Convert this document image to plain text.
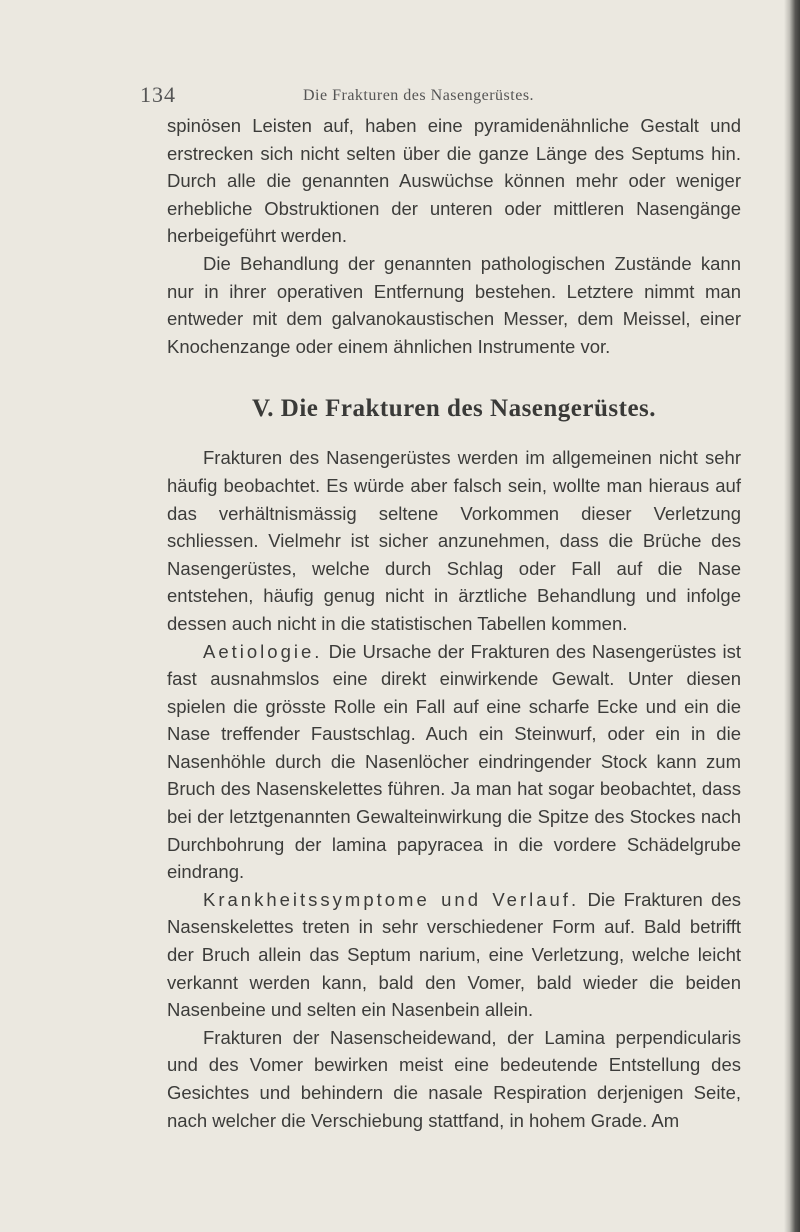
134	Die Frakturen des Nasengerüstes.

spinösen Leisten auf, haben eine pyramidenähnliche Gestalt und erstrecken sich nicht selten über die ganze Länge des Septums hin. Durch alle die genannten Auswüchse können mehr oder weniger erhebliche Obstruktionen der unteren oder mittleren Nasengänge herbeigeführt werden.

Die Behandlung der genannten pathologischen Zustände kann nur in ihrer operativen Entfernung bestehen. Letztere nimmt man entweder mit dem galvanokaustischen Messer, dem Meissel, einer Knochenzange oder einem ähnlichen Instrumente vor.

V. Die Frakturen des Nasengerüstes.

Frakturen des Nasengerüstes werden im allgemeinen nicht sehr häufig beobachtet. Es würde aber falsch sein, wollte man hieraus auf das verhältnismässig seltene Vorkommen dieser Verletzung schliessen. Vielmehr ist sicher anzunehmen, dass die Brüche des Nasengerüstes, welche durch Schlag oder Fall auf die Nase entstehen, häufig genug nicht in ärztliche Behandlung und infolge dessen auch nicht in die statistischen Tabellen kommen.

Aetiologie. Die Ursache der Frakturen des Nasengerüstes ist fast ausnahmslos eine direkt einwirkende Gewalt. Unter diesen spielen die grösste Rolle ein Fall auf eine scharfe Ecke und ein die Nase treffender Faustschlag. Auch ein Steinwurf, oder ein in die Nasenhöhle durch die Nasenlöcher eindringender Stock kann zum Bruch des Nasenskelettes führen. Ja man hat sogar beobachtet, dass bei der letztgenannten Gewalteinwirkung die Spitze des Stockes nach Durchbohrung der lamina papyracea in die vordere Schädelgrube eindrang.

Krankheitssymptome und Verlauf. Die Frakturen des Nasenskelettes treten in sehr verschiedener Form auf. Bald betrifft der Bruch allein das Septum narium, eine Verletzung, welche leicht verkannt werden kann, bald den Vomer, bald wieder die beiden Nasenbeine und selten ein Nasenbein allein.

Frakturen der Nasenscheidewand, der Lamina perpendicularis und des Vomer bewirken meist eine bedeutende Entstellung des Gesichtes und behindern die nasale Respiration derjenigen Seite, nach welcher die Verschiebung stattfand, in hohem Grade. Am
